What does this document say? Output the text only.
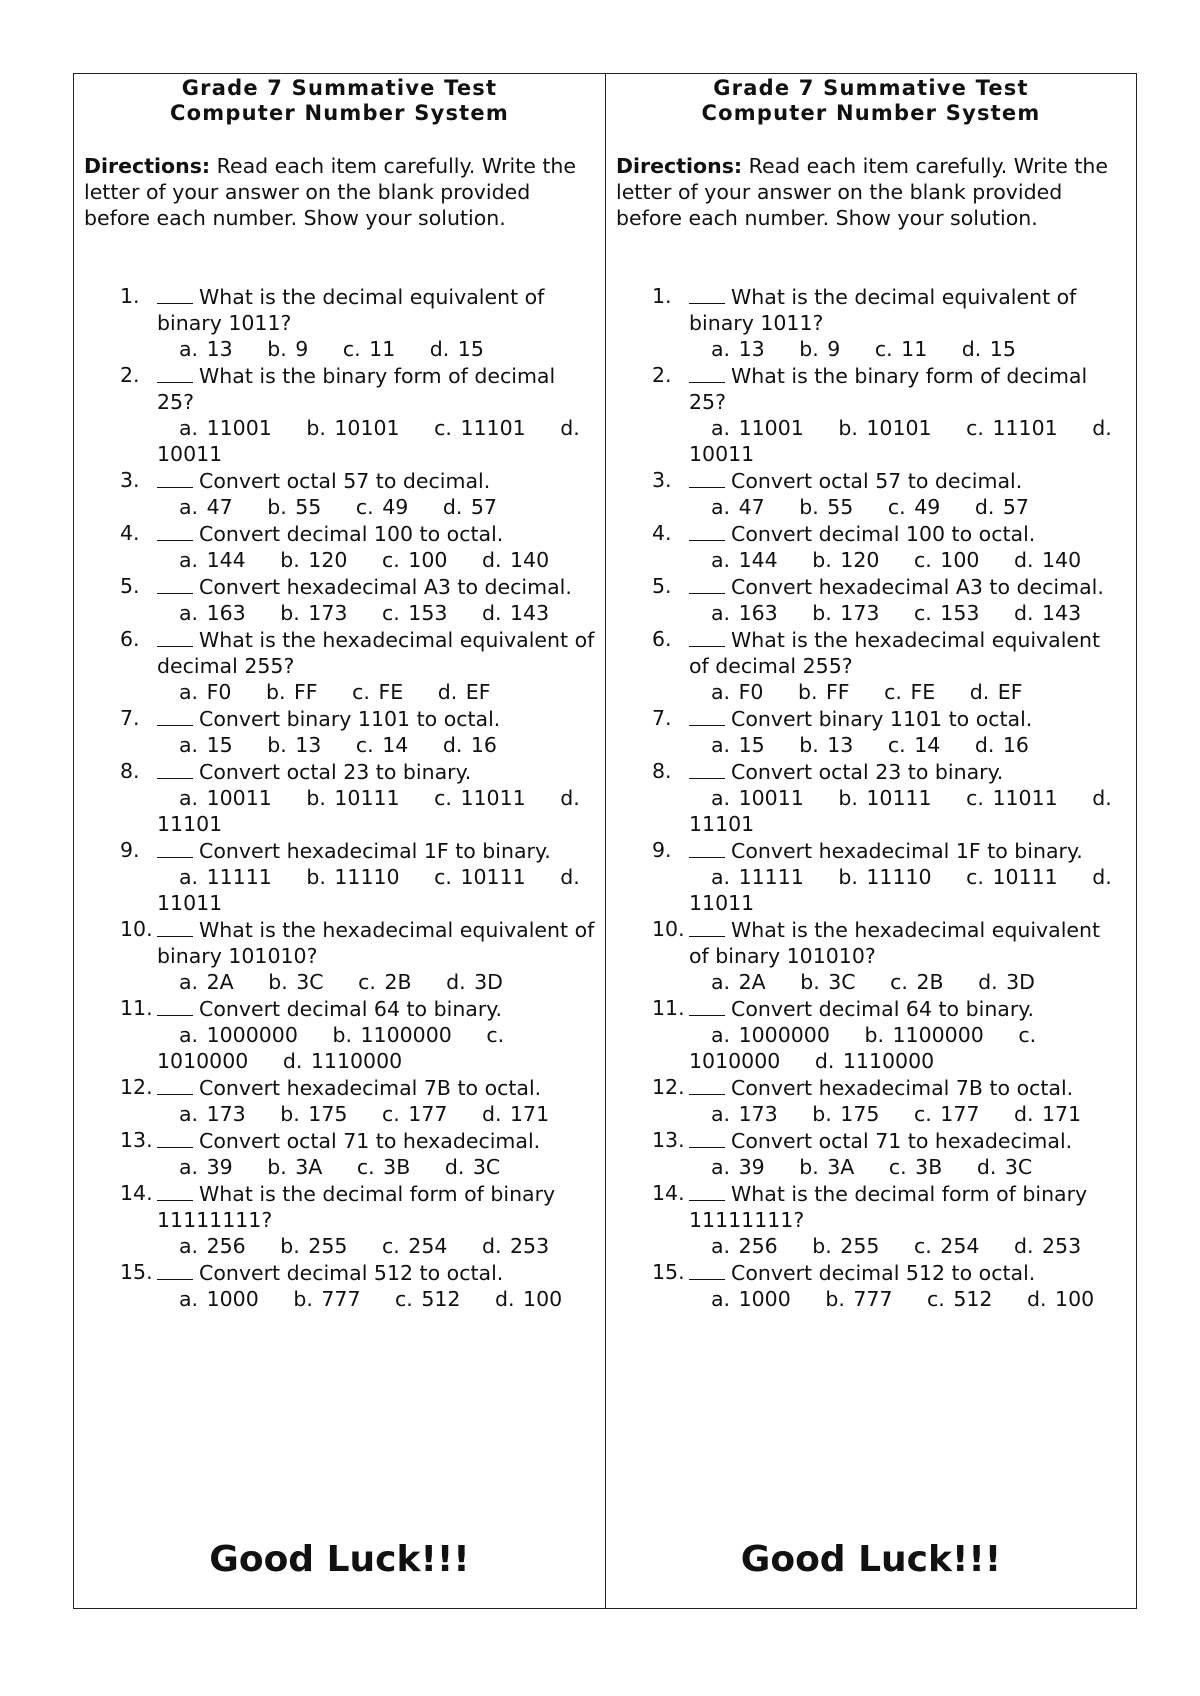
Grade 7 Summative Test
Computer Number System
Directions: Read each item carefully. Write the letter of your answer on the blank provided before each number. Show your solution.
1.	What is the decimal equivalent of binary 1011?
a. 13 b. 9 c. 11 d. 15
2.	What is the binary form of decimal 25?
a. 11001 b. 10101 c. 11101 d. 10011
3.	Convert octal 57 to decimal.
a. 47 b. 55 c. 49 d. 57
4.	Convert decimal 100 to octal.
a. 144 b. 120 c. 100 d. 140
5.	Convert hexadecimal A3 to decimal.
a. 163 b. 173 c. 153 d. 143
6.	What is the hexadecimal equivalent of decimal 255?
a. F0 b. FF c. FE d. EF
7.	Convert binary 1101 to octal.
a. 15 b. 13 c. 14 d. 16
8.	Convert octal 23 to binary.
a. 10011 b. 10111 c. 11011 d. 11101
9.	Convert hexadecimal 1F to binary.
a. 11111 b. 11110 c. 10111 d. 11011
10.	What is the hexadecimal equivalent of binary 101010?
a. 2A b. 3C c. 2B d. 3D
11.	Convert decimal 64 to binary.
a. 1000000 b. 1100000 c. 1010000 d. 1110000
12.	Convert hexadecimal 7B to octal.
a. 173 b. 175 c. 177 d. 171
13.	Convert octal 71 to hexadecimal.
a. 39 b. 3A c. 3B d. 3C
14.	What is the decimal form of binary 11111111?
a. 256 b. 255 c. 254 d. 253
15.	Convert decimal 512 to octal.
a. 1000 b. 777 c. 512 d. 100
Good Luck!!!
Grade 7 Summative Test
Computer Number System
Directions: Read each item carefully. Write the letter of your answer on the blank provided before each number. Show your solution.
1.	What is the decimal equivalent of binary 1011?
a. 13 b. 9 c. 11 d. 15
2.	What is the binary form of decimal 25?
a. 11001 b. 10101 c. 11101 d. 10011
3.	Convert octal 57 to decimal.
a. 47 b. 55 c. 49 d. 57
4.	Convert decimal 100 to octal.
a. 144 b. 120 c. 100 d. 140
5.	Convert hexadecimal A3 to decimal.
a. 163 b. 173 c. 153 d. 143
6.	What is the hexadecimal equivalent of decimal 255?
a. F0 b. FF c. FE d. EF
7.	Convert binary 1101 to octal.
a. 15 b. 13 c. 14 d. 16
8.	Convert octal 23 to binary.
a. 10011 b. 10111 c. 11011 d. 11101
9.	Convert hexadecimal 1F to binary.
a. 11111 b. 11110 c. 10111 d. 11011
10.	What is the hexadecimal equivalent of binary 101010?
a. 2A b. 3C c. 2B d. 3D
11.	Convert decimal 64 to binary.
a. 1000000 b. 1100000 c. 1010000 d. 1110000
12.	Convert hexadecimal 7B to octal.
a. 173 b. 175 c. 177 d. 171
13.	Convert octal 71 to hexadecimal.
a. 39 b. 3A c. 3B d. 3C
14.	What is the decimal form of binary 11111111?
a. 256 b. 255 c. 254 d. 253
15.	Convert decimal 512 to octal.
a. 1000 b. 777 c. 512 d. 100
Good Luck!!!
